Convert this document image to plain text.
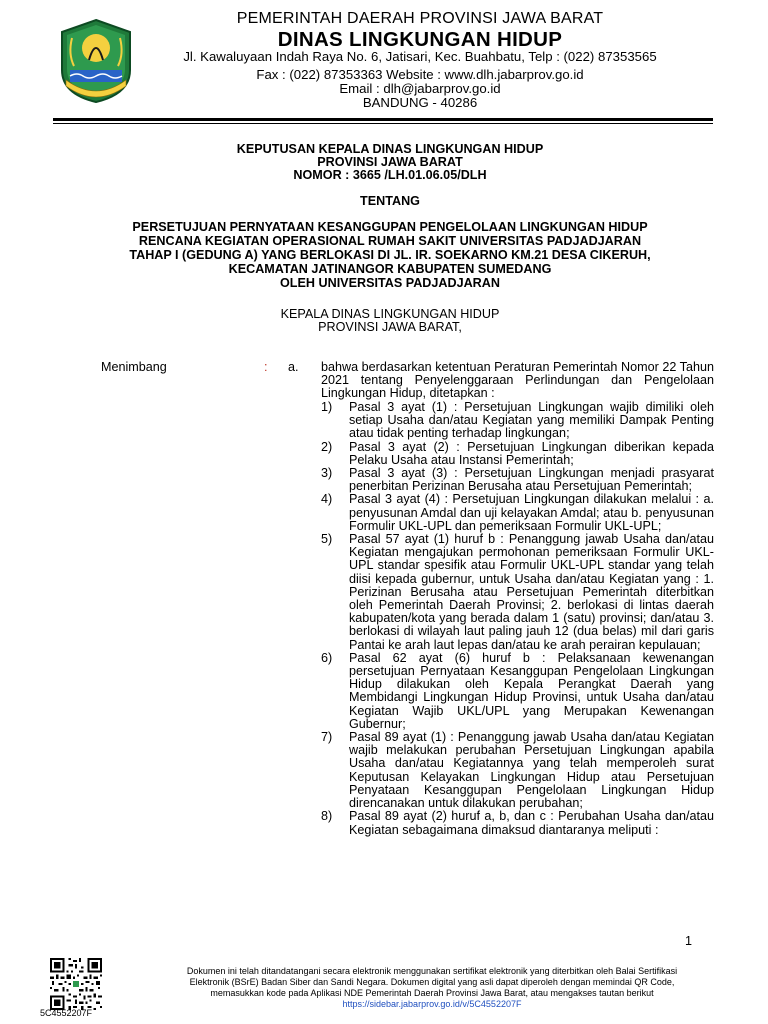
PEMERINTAH DAERAH PROVINSI JAWA BARAT
DINAS LINGKUNGAN HIDUP
Jl. Kawaluyaan Indah Raya No. 6, Jatisari, Kec. Buahbatu, Telp : (022) 87353565
Fax : (022) 87353363 Website : www.dlh.jabarprov.go.id
Email : dlh@jabarprov.go.id
BANDUNG - 40286
KEPUTUSAN KEPALA DINAS LINGKUNGAN HIDUP
PROVINSI JAWA BARAT
NOMOR : 3665 /LH.01.06.05/DLH
TENTANG
PERSETUJUAN PERNYATAAN KESANGGUPAN PENGELOLAAN LINGKUNGAN HIDUP
RENCANA KEGIATAN OPERASIONAL RUMAH SAKIT UNIVERSITAS PADJADJARAN
TAHAP I (GEDUNG A) YANG BERLOKASI DI JL. IR. SOEKARNO KM.21 DESA CIKERUH,
KECAMATAN JATINANGOR KABUPATEN SUMEDANG
OLEH UNIVERSITAS PADJADJARAN
KEPALA DINAS LINGKUNGAN HIDUP
PROVINSI JAWA BARAT,
Menimbang	: a. bahwa berdasarkan ketentuan Peraturan Pemerintah Nomor 22 Tahun 2021 tentang Penyelenggaraan Perlindungan dan Pengelolaan Lingkungan Hidup, ditetapkan :
1) Pasal 3 ayat (1) : Persetujuan Lingkungan wajib dimiliki oleh setiap Usaha dan/atau Kegiatan yang memiliki Dampak Penting atau tidak penting terhadap lingkungan;
2) Pasal 3 ayat (2) : Persetujuan Lingkungan diberikan kepada Pelaku Usaha atau Instansi Pemerintah;
3) Pasal 3 ayat (3) : Persetujuan Lingkungan menjadi prasyarat penerbitan Perizinan Berusaha atau Persetujuan Pemerintah;
4) Pasal 3 ayat (4) : Persetujuan Lingkungan dilakukan melalui : a. penyusunan Amdal dan uji kelayakan Amdal; atau b. penyusunan Formulir UKL-UPL dan pemeriksaan Formulir UKL-UPL;
5) Pasal 57 ayat (1) huruf b : Penanggung jawab Usaha dan/atau Kegiatan mengajukan permohonan pemeriksaan Formulir UKL-UPL standar spesifik atau Formulir UKL-UPL standar yang telah diisi kepada gubernur, untuk Usaha dan/atau Kegiatan yang : 1. Perizinan Berusaha atau Persetujuan Pemerintah diterbitkan oleh Pemerintah Daerah Provinsi; 2. berlokasi di lintas daerah kabupaten/kota yang berada dalam 1 (satu) provinsi; dan/atau 3. berlokasi di wilayah laut paling jauh 12 (dua belas) mil dari garis Pantai ke arah laut lepas dan/atau ke arah perairan kepulauan;
6) Pasal 62 ayat (6) huruf b : Pelaksanaan kewenangan persetujuan Pernyataan Kesanggupan Pengelolaan Lingkungan Hidup dilakukan oleh Kepala Perangkat Daerah yang Membidangi Lingkungan Hidup Provinsi, untuk Usaha dan/atau Kegiatan Wajib UKL/UPL yang Merupakan Kewenangan Gubernur;
7) Pasal 89 ayat (1) : Penanggung jawab Usaha dan/atau Kegiatan wajib melakukan perubahan Persetujuan Lingkungan apabila Usaha dan/atau Kegiatannya yang telah memperoleh surat Keputusan Kelayakan Lingkungan Hidup atau Persetujuan Penyataan Kesanggupan Pengelolaan Lingkungan Hidup direncanakan untuk dilakukan perubahan;
8) Pasal 89 ayat (2) huruf a, b, dan c : Perubahan Usaha dan/atau Kegiatan sebagaimana dimaksud diantaranya meliputi :
1
5C4552207F
Dokumen ini telah ditandatangani secara elektronik menggunakan sertifikat elektronik yang diterbitkan oleh Balai Sertifikasi
Elektronik (BSrE) Badan Siber dan Sandi Negara. Dokumen digital yang asli dapat diperoleh dengan memindai QR Code,
memasukkan kode pada Aplikasi NDE Pemerintah Daerah Provinsi Jawa Barat, atau mengakses tautan berikut
https://sidebar.jabarprov.go.id/v/5C4552207F
